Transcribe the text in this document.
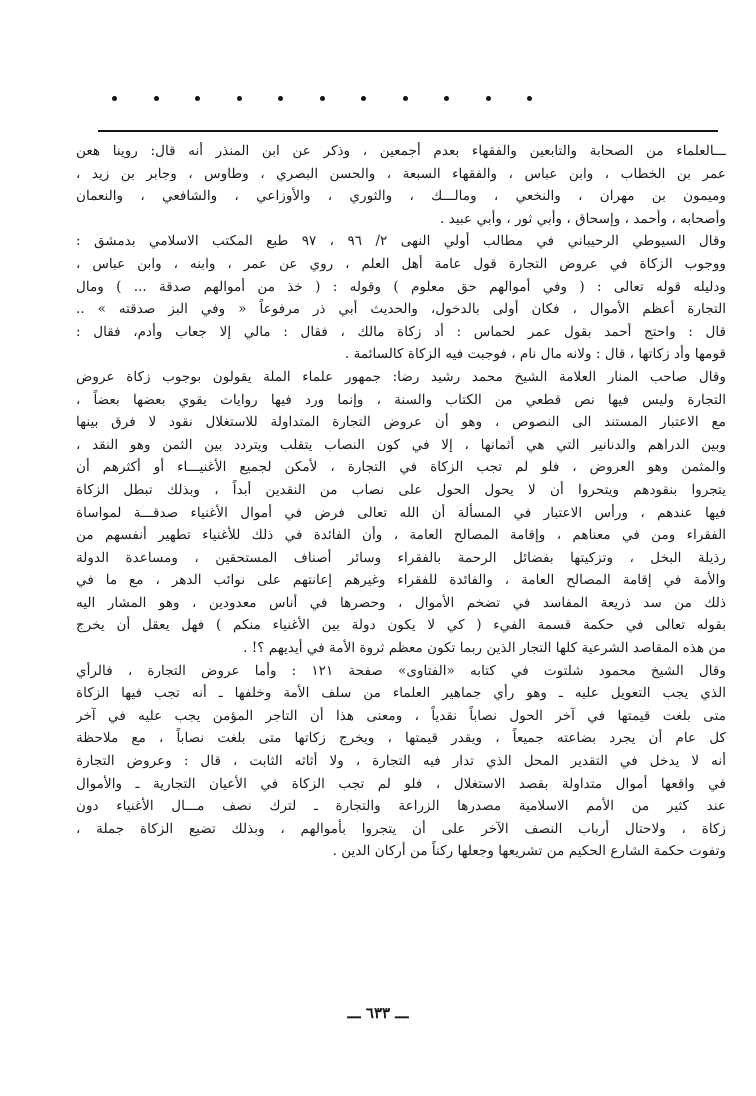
ـــالعلماء من الصحابة والتابعين والفقهاء بعدم أجمعين ، وذكر عن ابن المنذر أنه قال: روينا هعن
عمر بن الخطاب ، وابن عباس ، والفقهاء السبعة ، والحسن البصري ، وطاوس ، وجابر بن زيد ،
وميمون بن مهران ، والنخعي ، ومالـــك ، والثوري ، والأوزاعي ، والشافعي ، والنعمان
وأصحابه ، وأحمد ، وإسحاق ، وأبي ثور ، وأبي عبيد .
وقال السيوطي الرحيباني في مطالب أولي النهى ٢/ ٩٦ ، ٩٧ طبع المكتب الاسلامي بدمشق :
ووجوب الزكاة في عروض التجارة قول عامة أهل العلم ، روي عن عمر ، وابنه ، وابن عباس ،
ودليله قوله تعالى : ( وفي أموالهم حق معلوم ) وقوله : ( خذ من أموالهم صدقة ... ) ومال
التجارة أعظم الأموال ، فكان أولى بالدخول، والحديث أبي ذر مرفوعاً « وفي البز صدقته » ..
قال : واحتج أحمد بقول عمر لحماس : أد زكاة مالك ، فقال : مالي إلا جعاب وأدم، فقال :
قومها وأد زكاتها ، قال : ولانه مال نام ، فوجبت فيه الزكاة كالسائمة .
وقال صاحب المنار العلامة الشيخ محمد رشيد رضا: جمهور علماء الملة يقولون بوجوب زكاة عروض
التجارة وليس فيها نص قطعي من الكتاب والسنة ، وإنما ورد فيها روايات يقوي بعضها بعضاً ،
مع الاعتبار المستند الى النصوص ، وهو أن عروض التجارة المتداولة للاستغلال نقود لا فرق بينها
وبين الدراهم والدنانير التي هي أثمانها ، إلا في كون النصاب يتقلب ويتردد بين الثمن وهو النقد ،
والمثمن وهو العروض ، فلو لم تجب الزكاة في التجارة ، لأمكن لجميع الأغنيـــاء أو أكثرهم أن
يتجروا بنقودهم ويتحروا أن لا يحول الحول على نصاب من النقدين أبداً ، وبذلك تبطل الزكاة
فيها عندهم ، ورأس الاعتبار في المسألة أن الله تعالى فرض في أموال الأغنياء صدقـــة لمواساة
الفقراء ومن في معناهم ، وإقامة المصالح العامة ، وأن الفائدة في ذلك للأغنياء تطهير أنفسهم من
رذيلة البخل ، وتزكيتها بفضائل الرحمة بالفقراء وسائر أصناف المستحقين ، ومساعدة الدولة
والأمة في إقامة المصالح العامة ، والفائدة للفقراء وغيرهم إعانتهم على نوائب الدهر ، مع ما في
ذلك من سد ذريعة المفاسد في تضخم الأموال ، وحصرها في أناس معدودين ، وهو المشار اليه
بقوله تعالى في حكمة قسمة الفيء ( كي لا يكون دولة بين الأغنياء منكم ) فهل يعقل أن يخرج
من هذه المقاصد الشرعية كلها التجار الذين ربما تكون معظم ثروة الأمة في أيديهم ؟! .
وقال الشيخ محمود شلتوت في كتابه «الفتاوى» صفحة ١٢١ : وأما عروض التجارة ، فالرأي
الذي يجب التعويل عليه ـ وهو رأي جماهير العلماء من سلف الأمة وخلفها ـ أنه تجب فيها الزكاة
متى بلغت قيمتها في آخر الحول نصاباً نقدياً ، ومعنى هذا أن التاجر المؤمن يجب عليه في آخر
كل عام أن يجرد بضاعته جميعاً ، ويقدر قيمتها ، ويخرج زكاتها متى بلغت نصاباً ، مع ملاحظة
أنه لا يدخل في التقدير المحل الذي تدار فيه التجارة ، ولا أثاثه الثابت ، قال : وعروض التجارة
في واقعها أموال متداولة بقصد الاستغلال ، فلو لم تجب الزكاة في الأعيان التجارية ـ والأموال
عند كثير من الأمم الاسلامية مصدرها الزراعة والتجارة ـ لترك نصف مـــال الأغنياء دون
زكاة ، ولاحتال أرباب النصف الآخر على أن يتجروا بأموالهم ، وبذلك تضيع الزكاة جملة ،
وتفوت حكمة الشارع الحكيم من تشريعها وجعلها ركناً من أركان الدين .
ـــ ٦٣٣ ـــ
